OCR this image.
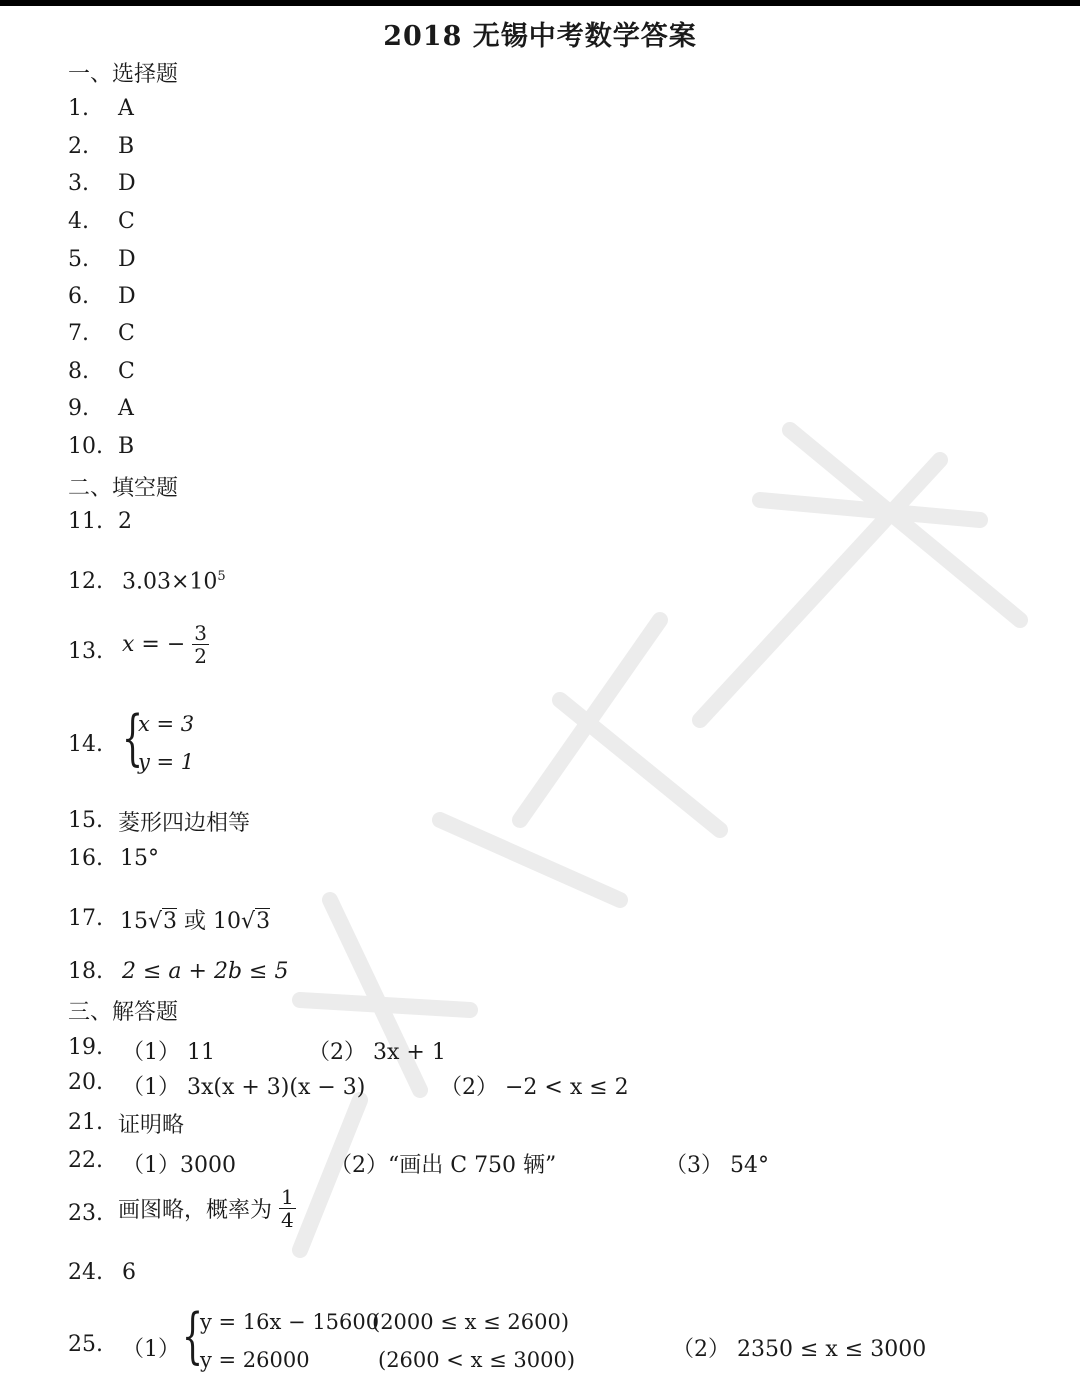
2018 无锡中考数学答案
一、选择题
1. A
2. B
3. D
4. C
5. D
6. D
7. C
8. C
9. A
10. B
二、填空题
11. 2
12. $3.03\times 10^5$
13. x = − $\frac{3}{2}$
14. {
x = 3
y = 1
15. 菱形四边相等
16. 15°
17. 15√3 或 10√3
18. 2 ≤ a + 2b ≤ 5
三、解答题
19. （1） 11	（2） 3x + 1
20. （1） 3x(x + 3)(x − 3)	（2） −2 < x ≤ 2
21. 证明略
22. （1）3000	（2）“画出 C 750 辆”	（3） 54°
23. 画图略，概率为 $\frac{1}{4}$
24. 6
25. （1） {
y = 16x − 15600
(2000 ≤ x ≤ 2600)
y = 26000	(2600 < x ≤ 3000)	（2） 2350 ≤ x ≤ 3000
